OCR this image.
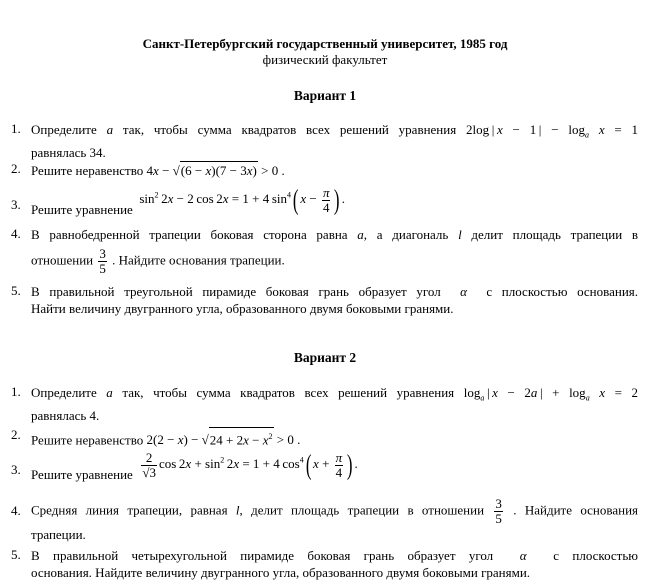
Санкт-Петербургский государственный университет, 1985 год
физический факультет
Вариант 1
1. Определите a так, чтобы сумма квадратов всех решений уравнения 2log | x − 1 | − $\log_a x = 1$
равнялась 34.
2. Решите неравенство 4x − √(6 − x)(7 − 3x) > 0 .
3. Решите уравнение  $\sin^2 2x - 2$ cos 2x = 1 + 4 $\sin^4$( $x - \frac{\pi}{4}$ ) .
4. В равнобедренной трапеции боковая сторона равна a, а диагональ l делит площадь трапеции в
отношении $\frac{3}{5}$ . Найдите основания трапеции.
5. В правильной треугольной пирамиде боковая грань образует угол  α  с плоскостью основания.
Найти величину двугранного угла, образованного двумя боковыми гранями.
Вариант 2
1. Определите a так, чтобы сумма квадратов всех решений уравнения $\log_a$ | x − 2a | + $\log_a x = 2$
равнялась 4.
2. Решите неравенство $2(2 - x) - √24 + 2x - x^2 > 0$ .
3. Решите уравнение $\frac{2}{√3}$ $\cos 2x + \sin^2 2x = 1 + 4$ $\cos^4$( $x + \frac{\pi}{4}$ ) .
4. Средняя линия трапеции, равная l, делит площадь трапеции в отношении $\frac{3}{5}$ . Найдите основания
трапеции.
5. В правильной четырехугольной пирамиде боковая грань образует угол  α  с плоскостью
основания. Найдите величину двугранного угла, образованного двумя боковыми гранями.
